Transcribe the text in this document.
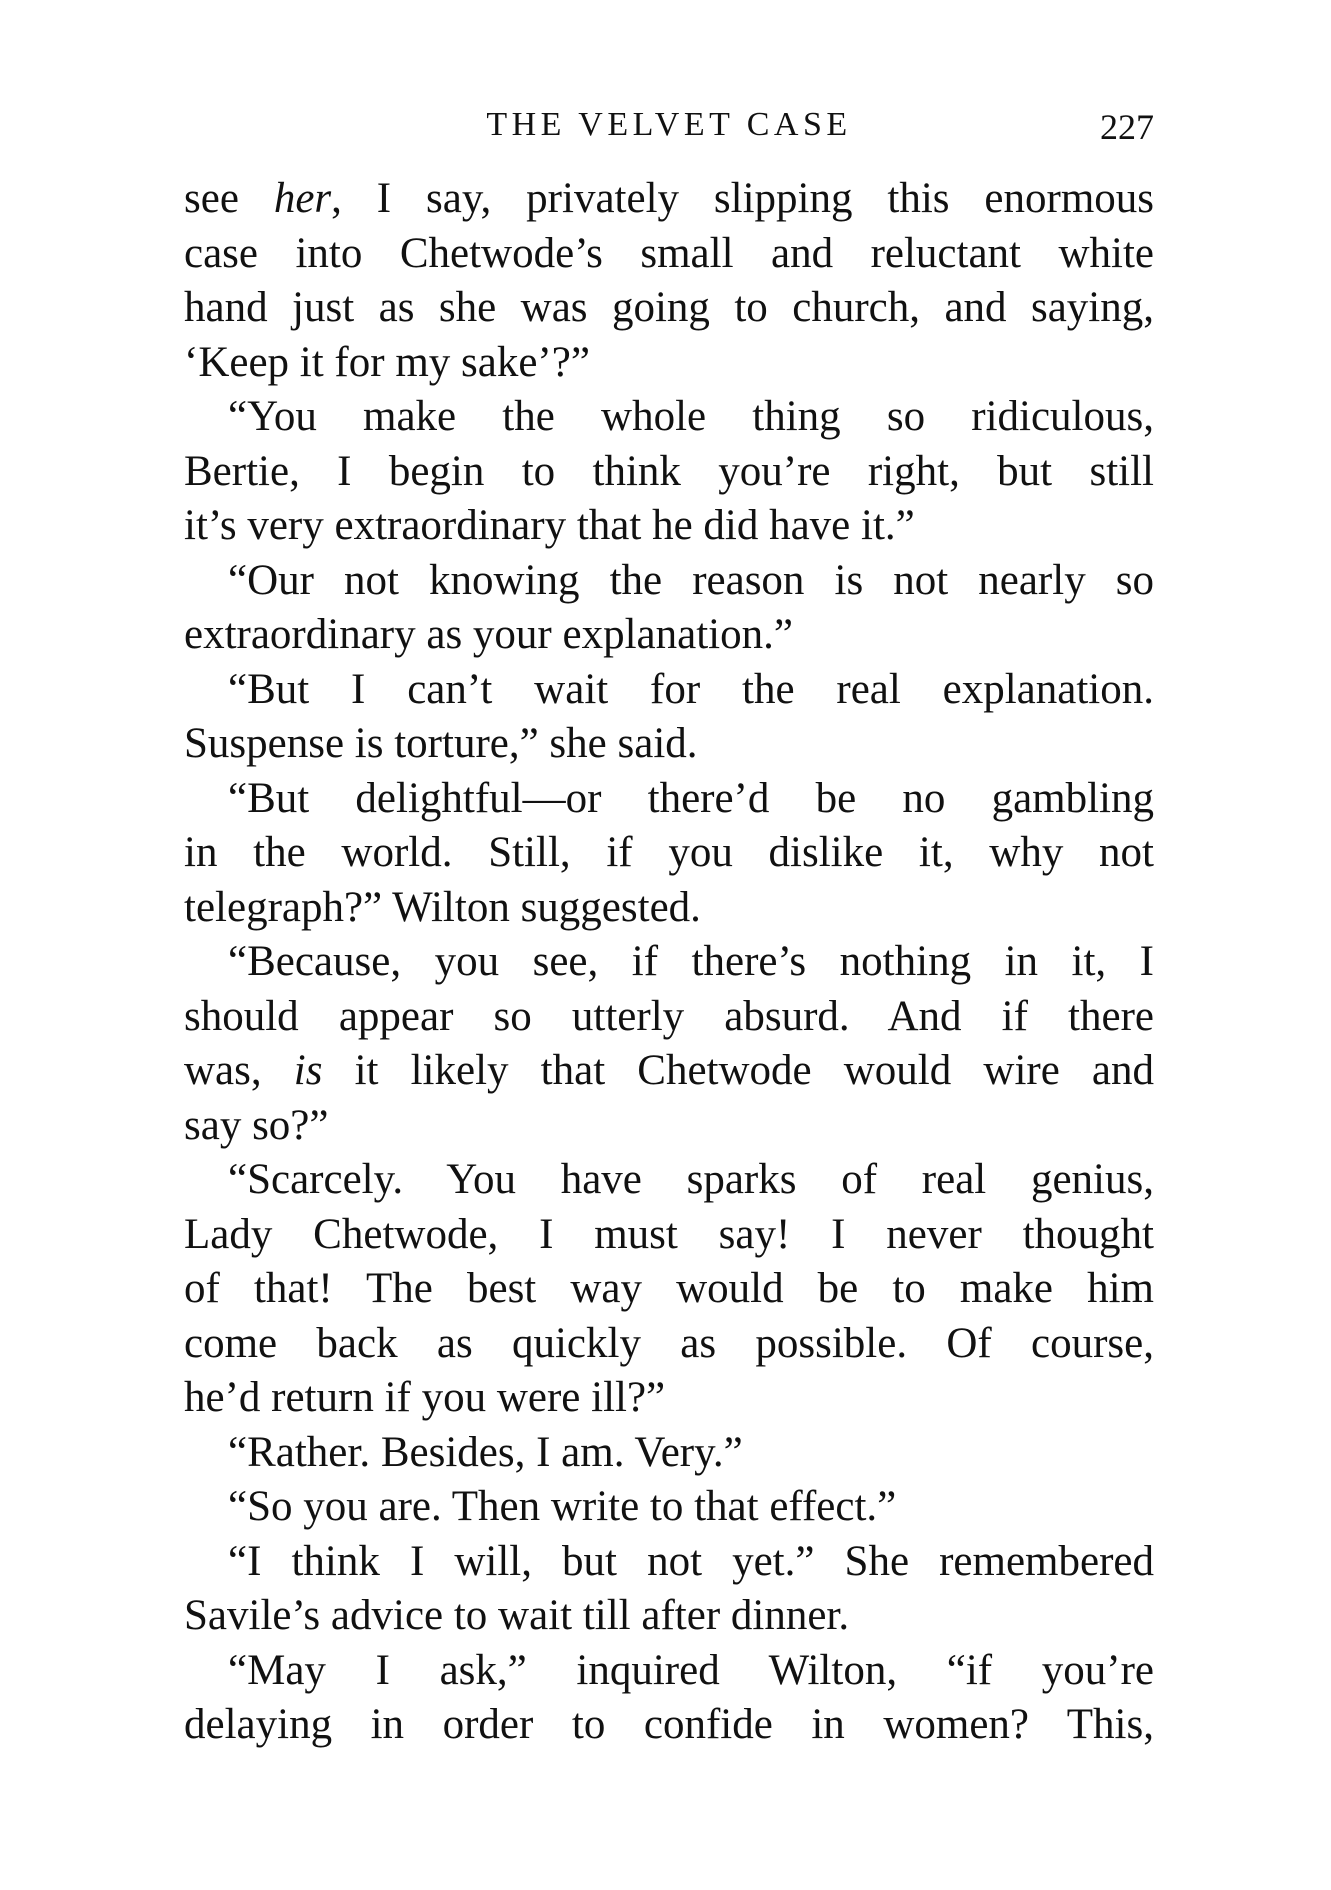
THE VELVET CASE	227
see her, I say, privately slipping this enormous
case into Chetwode’s small and reluctant white
hand just as she was going to church, and saying,
‘Keep it for my sake’?”
“You make the whole thing so ridiculous,
Bertie, I begin to think you’re right, but still
it’s very extraordinary that he did have it.”
“Our not knowing the reason is not nearly so
extraordinary as your explanation.”
“But I can’t wait for the real explanation.
Suspense is torture,” she said.
“But delightful—or there’d be no gambling
in the world. Still, if you dislike it, why not
telegraph?” Wilton suggested.
“Because, you see, if there’s nothing in it, I
should appear so utterly absurd. And if there
was, is it likely that Chetwode would wire and
say so?”
“Scarcely. You have sparks of real genius,
Lady Chetwode, I must say! I never thought
of that! The best way would be to make him
come back as quickly as possible. Of course,
he’d return if you were ill?”
“Rather. Besides, I am. Very.”
“So you are. Then write to that effect.”
“I think I will, but not yet.” She remembered
Savile’s advice to wait till after dinner.
“May I ask,” inquired Wilton, “if you’re
delaying in order to confide in women? This,
